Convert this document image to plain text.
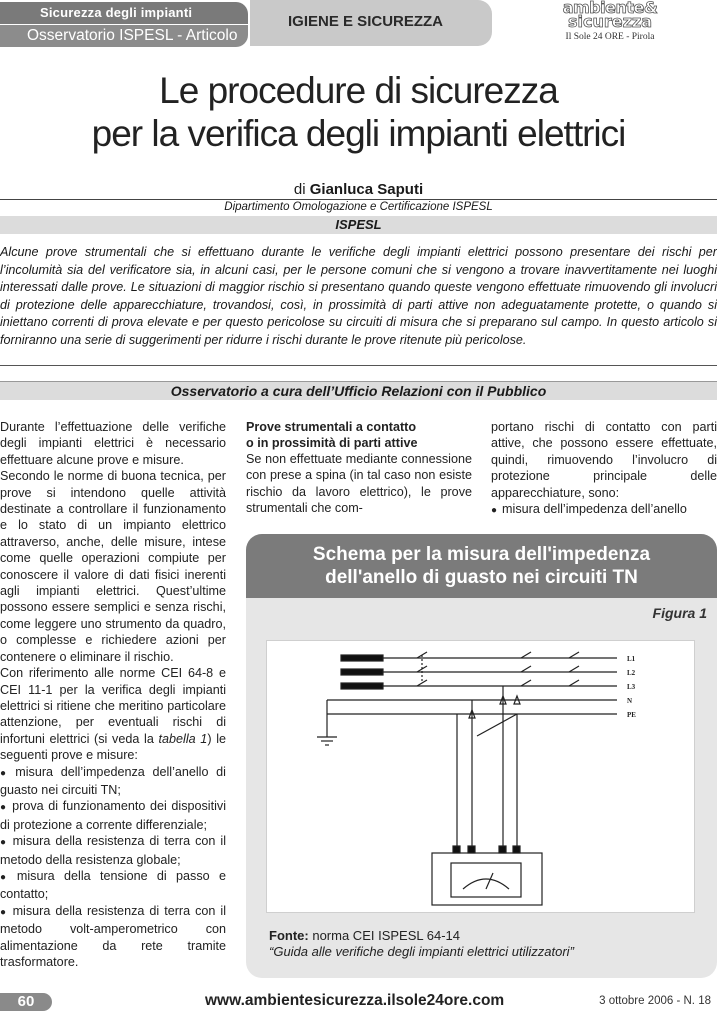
Sicurezza degli impianti
Osservatorio ISPESL - Articolo
IGIENE E SICUREZZA
ambiente&
sicurezza
Il Sole 24 ORE - Pirola
Le procedure di sicurezza
per la verifica degli impianti elettrici
di Gianluca Saputi
Dipartimento Omologazione e Certificazione ISPESL
ISPESL
Alcune prove strumentali che si effettuano durante le verifiche degli impianti elettrici possono presentare dei rischi per l’incolumità sia del verificatore sia, in alcuni casi, per le persone comuni che si vengono a trovare inavvertitamente nei luoghi interessati dalle prove. Le situazioni di maggior rischio si presentano quando queste vengono effettuate rimuovendo gli involucri di protezione delle apparecchiature, trovandosi, così, in prossimità di parti attive non adeguatamente protette, o quando si iniettano correnti di prova elevate e per questo pericolose su circuiti di misura che si preparano sul campo. In questo articolo si forniranno una serie di suggerimenti per ridurre i rischi durante le prove ritenute più pericolose.
Osservatorio a cura dell’Ufficio Relazioni con il Pubblico

Durante l’effettuazione delle verifiche degli impianti elettrici è necessario effettuare alcune prove e misure.

Secondo le norme di buona tecnica, per prove si intendono quelle attività destinate a controllare il funzionamento e lo stato di un impianto elettrico attraverso, anche, delle misure, intese come quelle operazioni compiute per conoscere il valore di dati fisici inerenti agli impianti elettrici. Quest’ultime possono essere semplici e senza rischi, come leggere uno strumento da quadro, o complesse e richiedere azioni per contenere o eliminare il rischio.

Con riferimento alle norme CEI 64-8 e CEI 11-1 per la verifica degli impianti elettrici si ritiene che meritino particolare attenzione, per eventuali rischi di infortuni elettrici (si veda la tabella 1) le seguenti prove e misure:

● misura dell’impedenza dell’anello di guasto nei circuiti TN;

● prova di funzionamento dei dispositivi di protezione a corrente differenziale;

● misura della resistenza di terra con il metodo della resistenza globale;

● misura della tensione di passo e contatto;

● misura della resistenza di terra con il metodo volt-amperometrico con alimentazione da rete tramite trasformatore.

Prove strumentali a contatto
o in prossimità di parti attive

Se non effettuate mediante connessione con prese a spina (in tal caso non esiste rischio da lavoro elettrico), le prove strumentali che com-

portano rischi di contatto con parti attive, che possono essere effettuate, quindi, rimuovendo l’involucro di protezione principale delle apparecchiature, sono:

● misura dell’impedenza dell’anello

Schema per la misura dell'impedenza
dell'anello di guasto nei circuiti TN
Figura 1
L1
L2
L3
N
PE
Fonte: norma CEI ISPESL 64-14
“Guida alle verifiche degli impianti elettrici utilizzatori”
60	www.ambientesicurezza.ilsole24ore.com	3 ottobre 2006 - N. 18
